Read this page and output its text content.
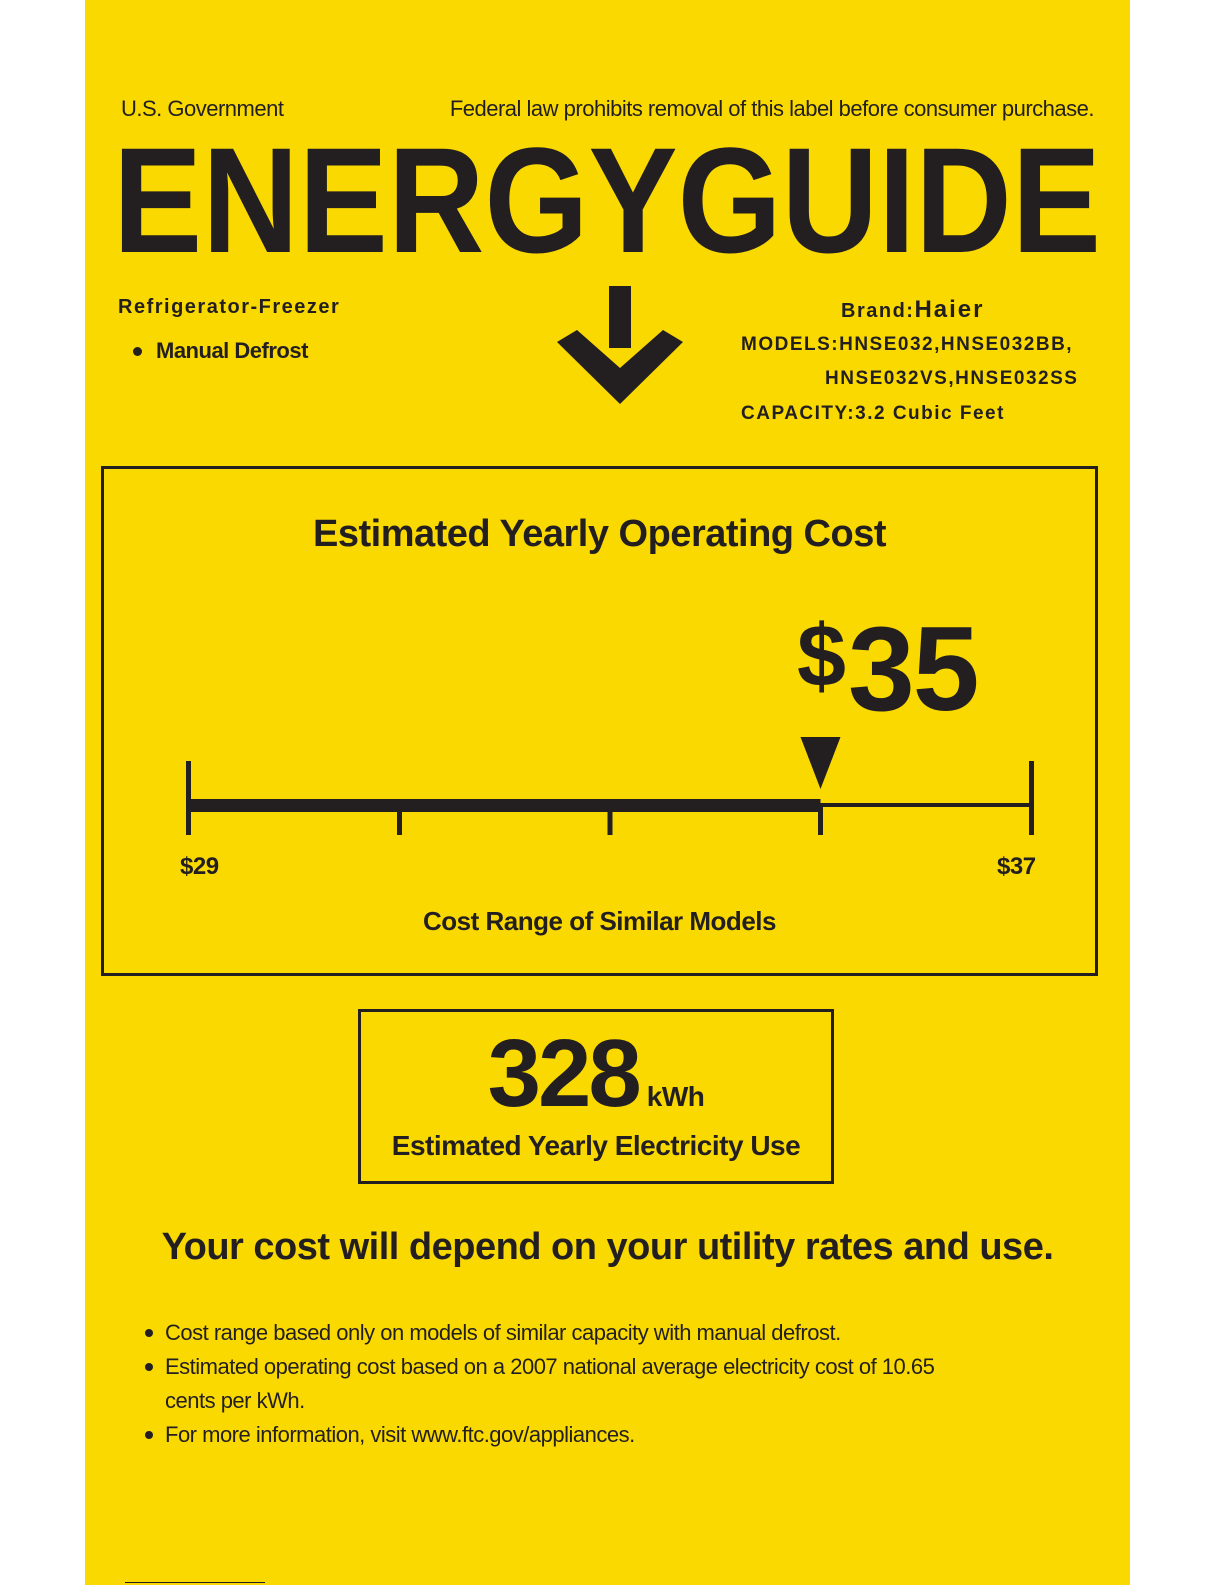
U.S. Government	Federal law prohibits removal of this label before consumer purchase.
ENERGYGUIDE
Refrigerator-Freezer
Manual Defrost
Brand:Haier
MODELS:HNSE032,HNSE032BB,
HNSE032VS,HNSE032SS
CAPACITY:3.2 Cubic Feet
Estimated Yearly Operating Cost
$35
$29	$37
Cost Range of Similar Models
328 kWh
Estimated Yearly Electricity Use
Your cost will depend on your utility rates and use.
Cost range based only on models of similar capacity with manual defrost.
Estimated operating cost based on a 2007 national average electricity cost of 10.65 cents per kWh.
For more information, visit www.ftc.gov/appliances.
